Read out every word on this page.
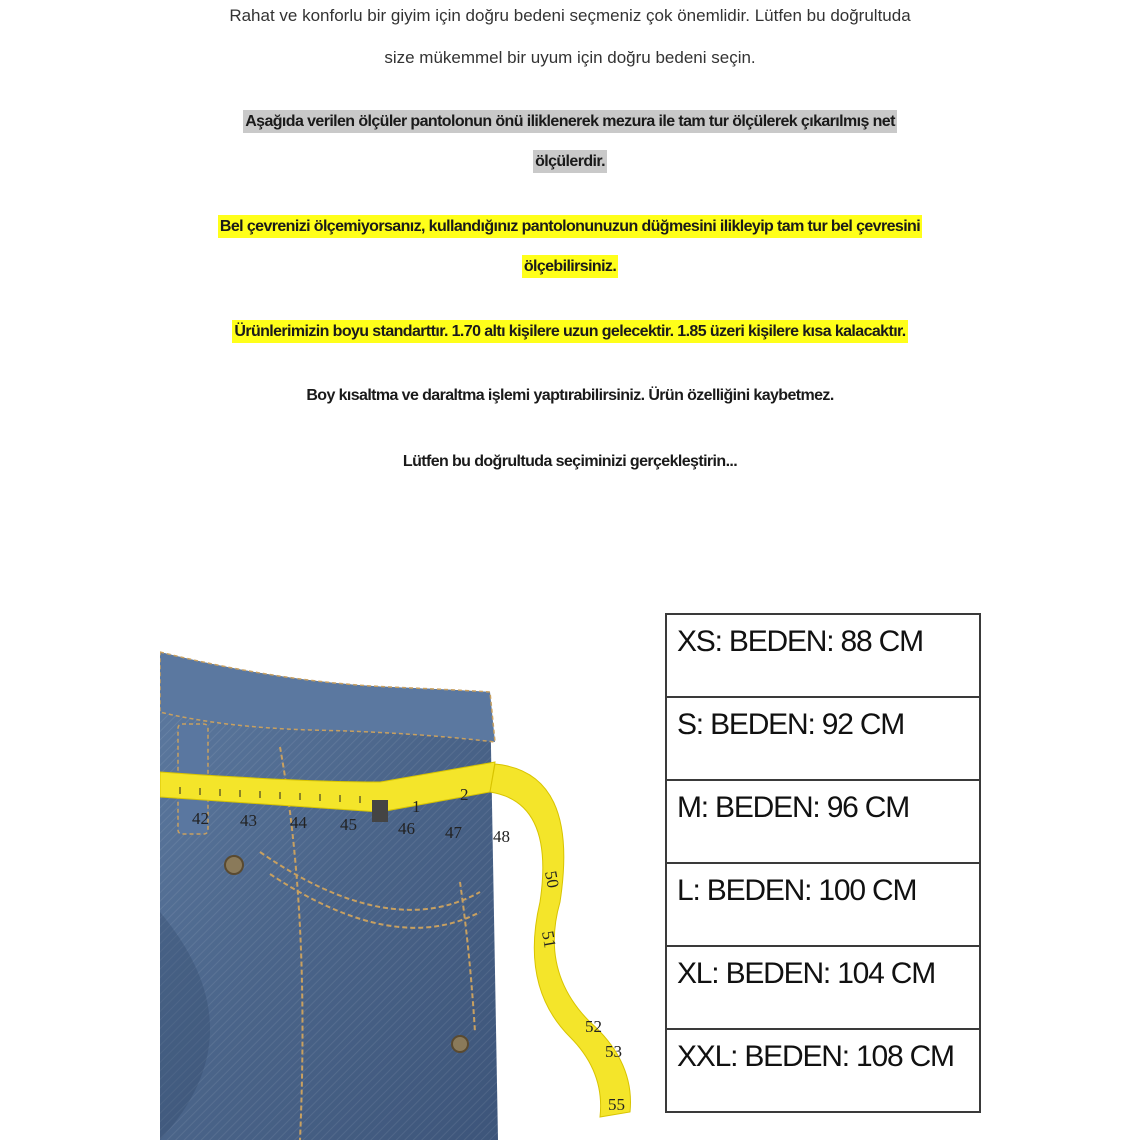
Rahat ve konforlu bir giyim için doğru bedeni seçmeniz çok önemlidir. Lütfen bu doğrultuda
size mükemmel bir uyum için doğru bedeni seçin.
Aşağıda verilen ölçüler pantolonun önü iliklenerek mezura ile tam tur ölçülerek çıkarılmış net
ölçülerdir.
Bel çevrenizi ölçemiyorsanız, kullandığınız pantolonunuzun düğmesini ilikleyip tam tur bel çevresini
ölçebilirsiniz.
Ürünlerimizin boyu standarttır. 1.70 altı kişilere uzun gelecektir. 1.85 üzeri kişilere kısa kalacaktır.
Boy kısaltma ve daraltma işlemi yaptırabilirsiniz. Ürün özelliğini kaybetmez.
Lütfen bu doğrultuda seçiminizi gerçekleştirin...
42 43 44 45
1
2
46 47 48
50
51
52
53
55
XS: BEDEN: 88 CM
S: BEDEN: 92 CM
M: BEDEN: 96 CM
L: BEDEN: 100 CM
XL: BEDEN: 104 CM
XXL: BEDEN: 108 CM
